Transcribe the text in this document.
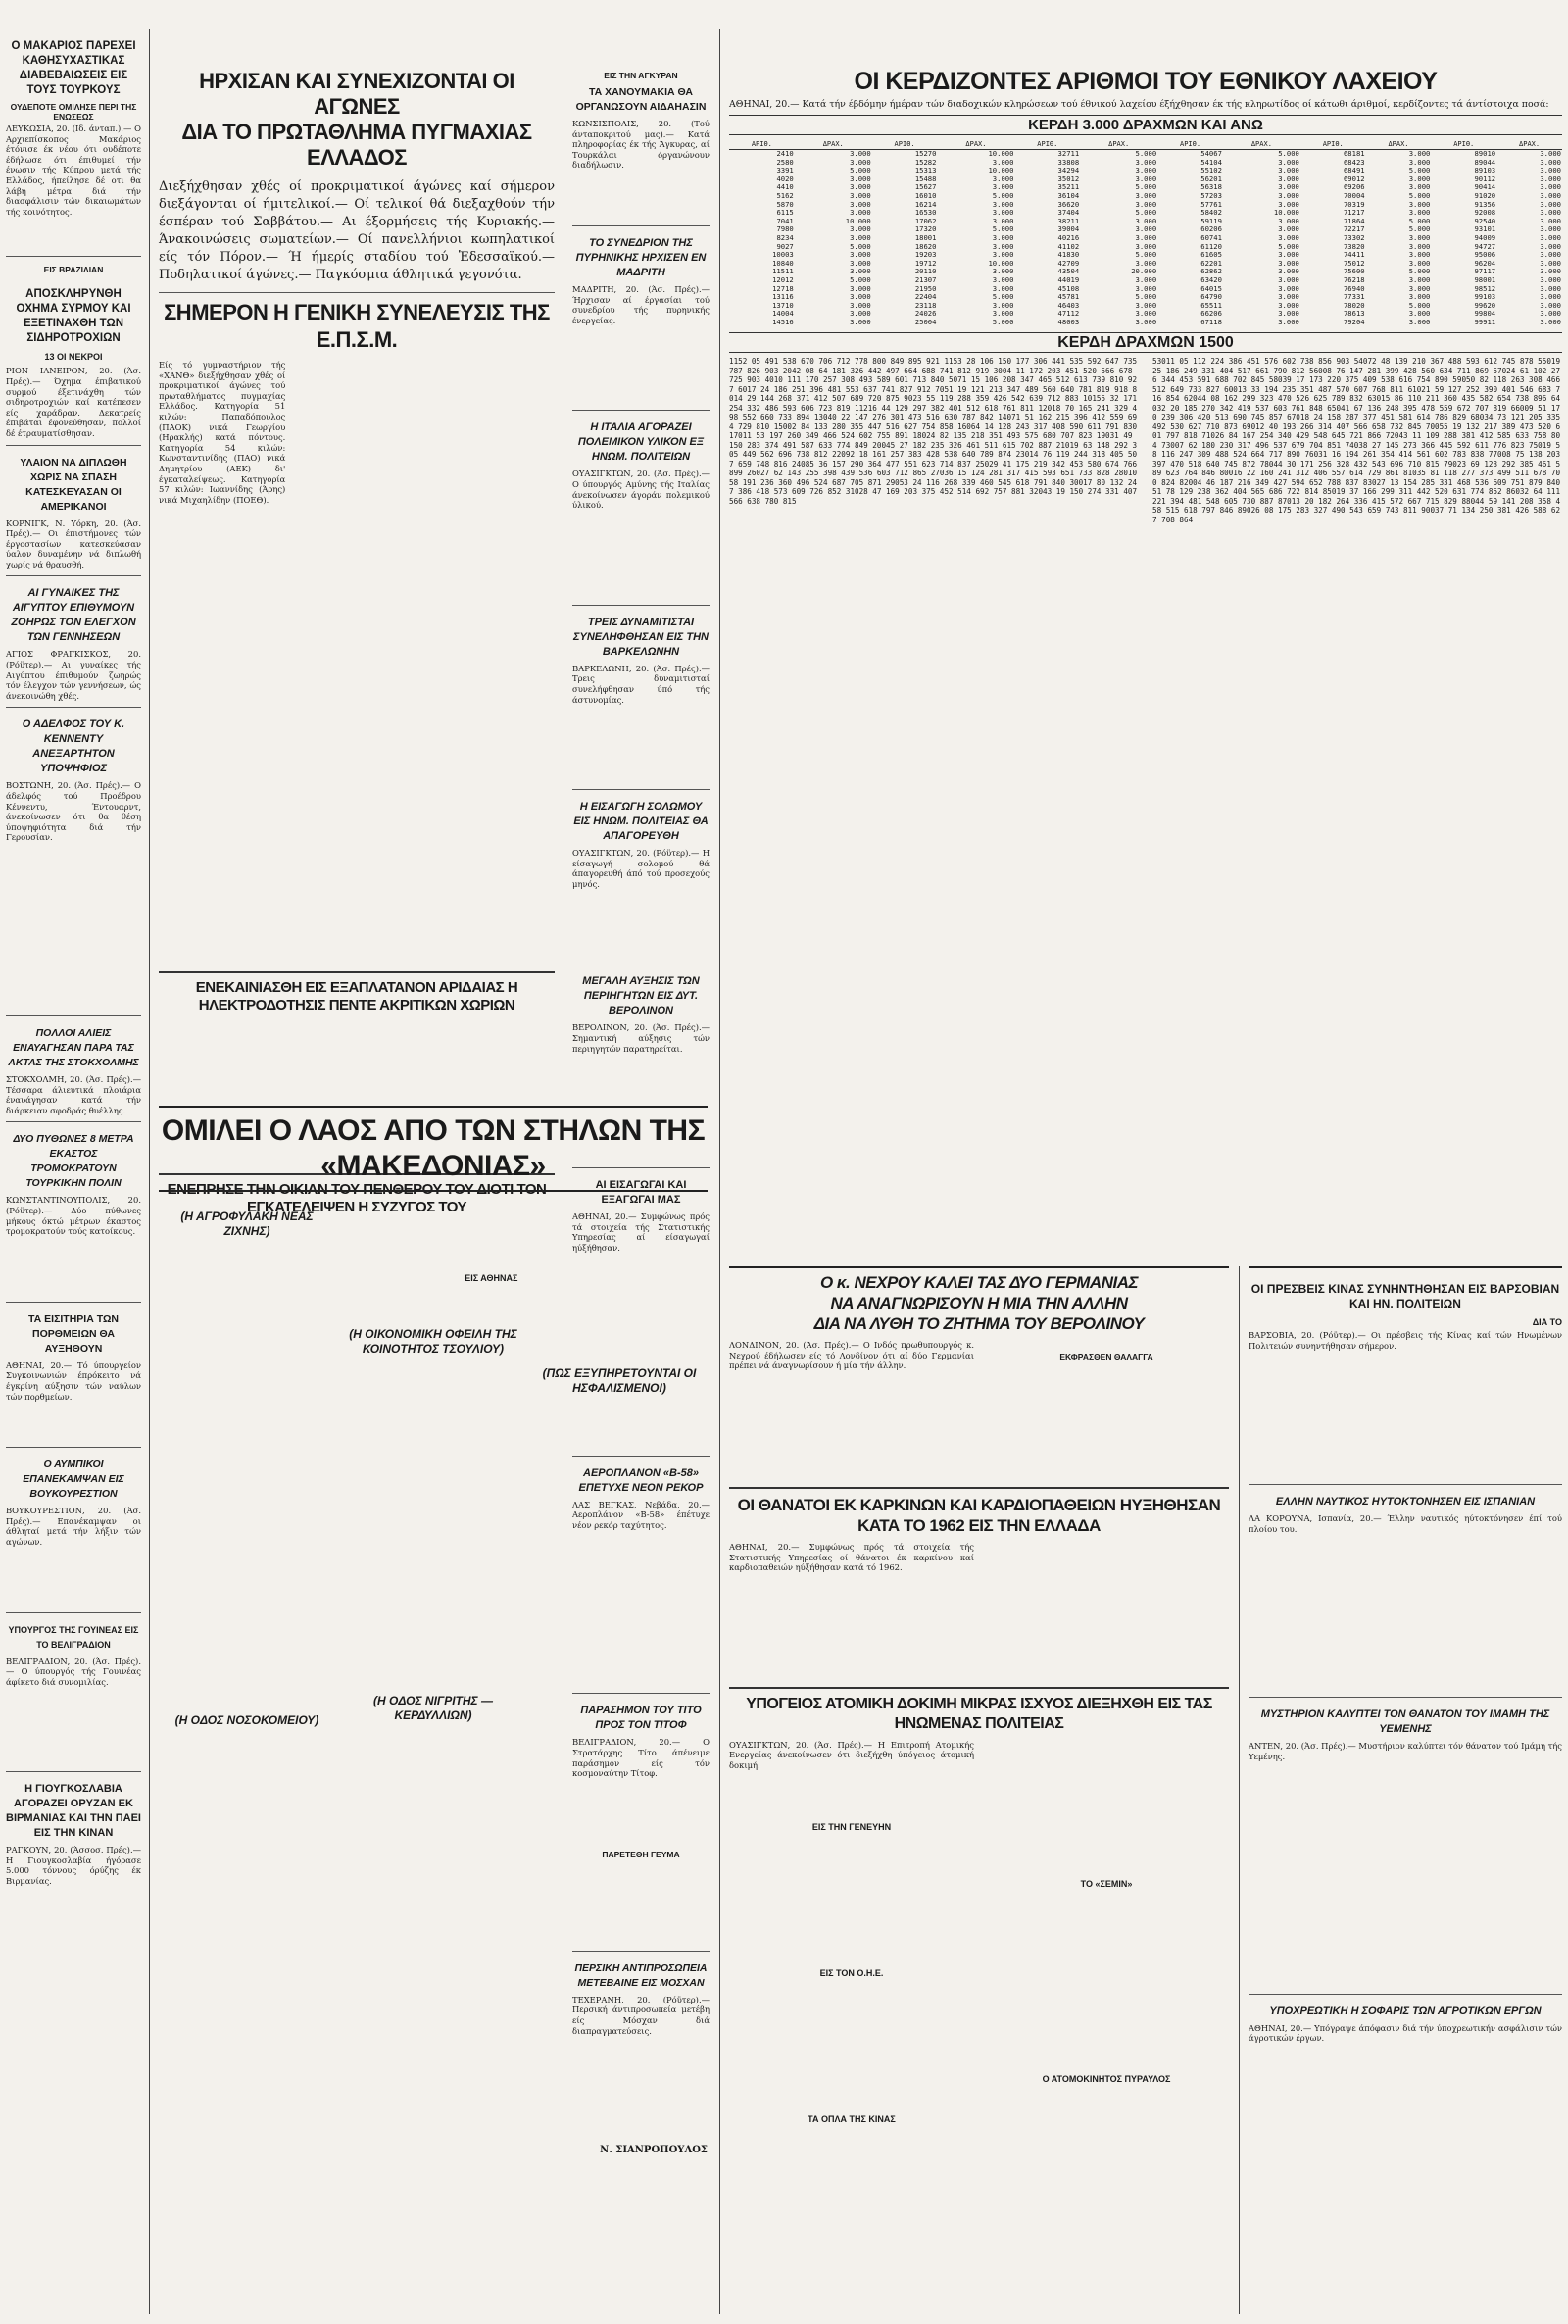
Ο ΜΑΚΑΡΙΟΣ ΠΑΡΕΧΕΙ ΚΑΘΗΣΥΧΑΣΤΙΚΑΣ ΔΙΑΒΕΒΑΙΩΣΕΙΣ ΕΙΣ ΤΟΥΣ ΤΟΥΡΚΟΥΣ
ΟΥΔΕΠΟΤΕ ΟΜΙΛΗΣΕ ΠΕΡΙ ΤΗΣ ΕΝΩΣΕΩΣ

ΛΕΥΚΩΣΙΑ, 20. (Ιδ. άνταπ.).— Ο Αρχιεπίσκοπος Μακάριος έτόνισε έκ νέου ότι ουδέποτε έδήλωσε ότι έπιθυμεί τήν ένωσιν τής Κύπρου μετά τής Ελλάδος, ήπείλησε δέ οτι θα λάβη μέτρα διά τήν διασφάλισιν τών δικαιωμάτων τής κοινότητος.

ΕΙΣ ΒΡΑΖΙΛΙΑΝ
ΑΠΟΣΚΛΗΡΥΝΘΗ ΟΧΗΜΑ ΣΥΡΜΟΥ ΚΑΙ ΕΞΕΤΙΝΑΧΘΗ ΤΩΝ ΣΙΔΗΡΟΤΡΟΧΙΩΝ
13 ΟΙ ΝΕΚΡΟΙ

ΡΙΟΝ ΙΑΝΕΙΡΟΝ, 20. (Άσ. Πρές).— Όχημα έπιβατικού συρμού έξετινάχθη τών σιδηροτροχιών καί κατέπεσεν είς χαράδραν. Δεκατρείς έπιβάται έφονεύθησαν, πολλοί δέ έτραυματίσθησαν.

ΥΛΑΙΟΝ ΝΑ ΔΙΠΛΩΘΗ ΧΩΡΙΣ ΝΑ ΣΠΑΣΗ ΚΑΤΕΣΚΕΥΑΣΑΝ ΟΙ ΑΜΕΡΙΚΑΝΟΙ

ΚΟΡΝΙΓΚ, Ν. Υόρκη, 20. (Άσ. Πρές).— Οι έπιστήμονες τών έργοστασίων κατεσκεύασαν ύαλον δυναμένην νά διπλωθή χωρίς νά θραυσθή.

ΑΙ ΓΥΝΑΙΚΕΣ ΤΗΣ ΑΙΓΥΠΤΟΥ ΕΠΙΘΥΜΟΥΝ ΖΟΗΡΩΣ ΤΟΝ ΕΛΕΓΧΟΝ ΤΩΝ ΓΕΝΝΗΣΕΩΝ

ΑΓΙΟΣ ΦΡΑΓΚΙΣΚΟΣ, 20. (Ρόϋτερ).— Αι γυναίκες τής Αιγύπτου έπιθυμούν ζωηρώς τόν έλεγχον τών γεννήσεων, ώς άνεκοινώθη χθές.

Ο ΑΔΕΛΦΟΣ ΤΟΥ Κ. ΚΕΝΝΕΝΤΥ ΑΝΕΞΑΡΤΗΤΟΝ ΥΠΟΨΗΦΙΟΣ

ΒΟΣΤΩΝΗ, 20. (Άσ. Πρές).— Ο άδελφός τού Προέδρου Κέννεντυ, Έντουαρντ, άνεκοίνωσεν ότι θα θέση ύποψηφιότητα διά τήν Γερουσίαν.

ΠΟΛΛΟΙ ΑΛΙΕΙΣ ΕΝΑΥΑΓΗΣΑΝ ΠΑΡΑ ΤΑΣ ΑΚΤΑΣ ΤΗΣ ΣΤΟΚΧΟΛΜΗΣ

ΣΤΟΚΧΟΛΜΗ, 20. (Άσ. Πρές).— Τέσσαρα άλιευτικά πλοιάρια έναυάγησαν κατά τήν διάρκειαν σφοδράς θυέλλης.

ΔΥΟ ΠΥΘΩΝΕΣ 8 ΜΕΤΡΑ ΕΚΑΣΤΟΣ ΤΡΟΜΟΚΡΑΤΟΥΝ ΤΟΥΡΚΙΚΗΝ ΠΟΛΙΝ

ΚΩΝΣΤΑΝΤΙΝΟΥΠΟΛΙΣ, 20. (Ρόϋτερ).— Δύο πύθωνες μήκους όκτώ μέτρων έκαστος τρομοκρατούν τούς κατοίκους.

ΤΑ ΕΙΣΙΤΗΡΙΑ ΤΩΝ ΠΟΡΘΜΕΙΩΝ ΘΑ ΑΥΞΗΘΟΥΝ

ΑΘΗΝΑΙ, 20.— Τό ύπουργείον Συγκοινωνιών έπρόκειτο νά έγκρίνη αύξησιν τών ναύλων τών πορθμείων.

Ο ΑΥΜΠΙΚΟΙ ΕΠΑΝΕΚΑΜΨΑΝ ΕΙΣ ΒΟΥΚΟΥΡΕΣΤΙΟΝ

ΒΟΥΚΟΥΡΕΣΤΙΟΝ, 20. (Άσ. Πρές).— Επανέκαμψαν οι άθληταί μετά τήν λήξιν τών αγώνων.

ΥΠΟΥΡΓΟΣ ΤΗΣ ΓΟΥΙΝΕΑΣ ΕΙΣ ΤΟ ΒΕΛΙΓΡΑΔΙΟΝ

ΒΕΛΙΓΡΑΔΙΟΝ, 20. (Άσ. Πρές).— Ο ύπουργός τής Γουινέας άφίκετο διά συνομιλίας.

Η ΓΙΟΥΓΚΟΣΛΑΒΙΑ ΑΓΟΡΑΖΕΙ ΟΡΥΖΑΝ ΕΚ ΒΙΡΜΑΝΙΑΣ ΚΑΙ ΤΗΝ ΠΑΕΙ ΕΙΣ ΤΗΝ ΚΙΝΑΝ

ΡΑΓΚΟΥΝ, 20. (Άσσοσ. Πρές).— Η Γιουγκοσλαβία ήγόρασε 5.000 τόννους όρύζης έκ Βιρμανίας.

ΗΡΧΙΣΑΝ ΚΑΙ ΣΥΝΕΧΙΖΟΝΤΑΙ ΟΙ ΑΓΩΝΕΣ
ΔΙΑ ΤΟ ΠΡΩΤΑΘΛΗΜΑ ΠΥΓΜΑΧΙΑΣ ΕΛΛΑΔΟΣ

Διεξήχθησαν χθές οί προκριματικοί άγώνες καί σήμερον διεξάγονται οί ήμιτελικοί.— Οί τελικοί θά διεξαχθούν τήν έσπέραν τού Σαββάτου.— Αι έξορμήσεις τής Κυριακής.— Άνακοινώσεις σωματείων.— Οί πανελλήνιοι κωπηλατικοί είς τόν Πόρον.— Ή ήμερίς σταδίου τού Ἑδεσσαϊκού.— Ποδηλατικοί άγώνες.— Παγκόσμια άθλητικά γεγονότα.

ΣΗΜΕΡΟΝ Η ΓΕΝΙΚΗ ΣΥΝΕΛΕΥΣΙΣ ΤΗΣ Ε.Π.Σ.Μ.

Είς τό γυμναστήριον τής «ΧΑΝΘ» διεξήχθησαν χθές οί προκριματικοί άγώνες τού πρωταθλήματος πυγμαχίας Ελλάδος. Κατηγορία 51 κιλών: Παπαδόπουλος (ΠΑΟΚ) νικά Γεωργίου (Ηρακλής) κατά πόντους. Κατηγορία 54 κιλών: Κωνσταντινίδης (ΠΑΟ) νικά Δημητρίου (ΑΕΚ) δι' έγκαταλείψεως. Κατηγορία 57 κιλών: Ιωαννίδης (Άρης) νικά Μιχαηλίδην (ΠΟΕΘ).

ΕΝΕΚΑΙΝΙΑΣΘΗ ΕΙΣ ΕΞΑΠΛΑΤΑΝΟΝ ΑΡΙΔΑΙΑΣ Η ΗΛΕΚΤΡΟΔΟΤΗΣΙΣ ΠΕΝΤΕ ΑΚΡΙΤΙΚΩΝ ΧΩΡΙΩΝ
ΕΝΕΠΡΗΣΕ ΤΗΝ ΟΙΚΙΑΝ ΤΟΥ ΠΕΝΘΕΡΟΥ ΤΟΥ ΔΙΟΤΙ ΤΟΝ ΕΓΚΑΤΕΛΕΙΨΕΝ Η ΣΥΖΥΓΟΣ ΤΟΥ
ΕΙΣ ΑΘΗΝΑΣ
ΟΜΙΛΕΙ Ο ΛΑΟΣ ΑΠΟ ΤΩΝ ΣΤΗΛΩΝ ΤΗΣ «ΜΑΚΕΔΟΝΙΑΣ»
(Η ΑΓΡΟΦΥΛΑΚΗ ΝΕΑΣ ΖΙΧΝΗΣ)
(Η ΟΔΟΣ ΝΟΣΟΚΟΜΕΙΟΥ)
(Η ΟΙΚΟΝΟΜΙΚΗ ΟΦΕΙΛΗ ΤΗΣ ΚΟΙΝΟΤΗΤΟΣ ΤΣΟΥΛΙΟΥ)
(Η ΟΔΟΣ ΝΙΓΡΙΤΗΣ — ΚΕΡΔΥΛΛΙΩΝ)
(ΠΩΣ ΕΞΥΠΗΡΕΤΟΥΝΤΑΙ ΟΙ ΗΣΦΑΛΙΣΜΕΝΟΙ)
Ν. ΣΙΑΝΡΟΠΟΥΛΟΣ
ΕΙΣ ΤΗΝ ΑΓΚΥΡΑΝ
ΤΑ ΧΑΝΟΥΜΑΚΙΑ ΘΑ ΟΡΓΑΝΩΣΟΥΝ ΑΙΔΑΗΑΣΙΝ

ΚΩΝΣΙΣΠΟΛΙΣ, 20. (Τού άνταποκριτού μας).— Κατά πληροφορίας έκ τής Άγκυρας, αί Τουρκάλαι όργανώνουν διαδήλωσιν.

ΤΟ ΣΥΝΕΔΡΙΟΝ ΤΗΣ ΠΥΡΗΝΙΚΗΣ ΗΡΧΙΣΕΝ ΕΝ ΜΑΔΡΙΤΗ

ΜΑΔΡΙΤΗ, 20. (Άσ. Πρές).— Ήρχισαν αί έργασίαι τού συνεδρίου τής πυρηνικής ένεργείας.

Η ΙΤΑΛΙΑ ΑΓΟΡΑΖΕΙ ΠΟΛΕΜΙΚΟΝ ΥΛΙΚΟΝ ΕΞ ΗΝΩΜ. ΠΟΛΙΤΕΙΩΝ

ΟΥΑΣΙΓΚΤΩΝ, 20. (Άσ. Πρές).— Ο ύπουργός Αμύνης τής Ιταλίας άνεκοίνωσεν άγοράν πολεμικού ύλικού.

ΤΡΕΙΣ ΔΥΝΑΜΙΤΙΣΤΑΙ ΣΥΝΕΛΗΦΘΗΣΑΝ ΕΙΣ ΤΗΝ ΒΑΡΚΕΛΩΝΗΝ

ΒΑΡΚΕΛΩΝΗ, 20. (Άσ. Πρές).— Τρεις δυναμιτισταί συνελήφθησαν ύπό τής άστυνομίας.

Η ΕΙΣΑΓΩΓΗ ΣΟΛΩΜΟΥ ΕΙΣ ΗΝΩΜ. ΠΟΛΙΤΕΙΑΣ ΘΑ ΑΠΑΓΟΡΕΥΘΗ

ΟΥΑΣΙΓΚΤΩΝ, 20. (Ρόϋτερ).— Η είσαγωγή σολομού θά άπαγορευθή άπό τού προσεχούς μηνός.

ΜΕΓΑΛΗ ΑΥΞΗΣΙΣ ΤΩΝ ΠΕΡΙΗΓΗΤΩΝ ΕΙΣ ΔΥΤ. ΒΕΡΟΛΙΝΟΝ

ΒΕΡΟΛΙΝΟΝ, 20. (Άσ. Πρές).— Σημαντική αύξησις τών περιηγητών παρατηρείται.

ΑΙ ΕΙΣΑΓΩΓΑΙ ΚΑΙ ΕΞΑΓΩΓΑΙ ΜΑΣ

ΑΘΗΝΑΙ, 20.— Συμφώνως πρός τά στοιχεία τής Στατιστικής Υπηρεσίας αί είσαγωγαί ηύξήθησαν.

ΑΕΡΟΠΛΑΝΟΝ «Β-58» ΕΠΕΤΥΧΕ ΝΕΟΝ ΡΕΚΟΡ

ΛΑΣ ΒΕΓΚΑΣ, Νεβάδα, 20.— Αεροπλάνον «Β-58» έπέτυχε νέον ρεκόρ ταχύτητος.

ΠΑΡΑΣΗΜΟΝ ΤΟΥ ΤΙΤΟ ΠΡΟΣ ΤΟΝ ΤΙΤΟΦ

ΒΕΛΙΓΡΑΔΙΟΝ, 20.— Ο Στρατάρχης Τίτο άπένειμε παράσημον είς τόν κοσμοναύτην Τίτοφ.

ΠΑΡΕΤΕΘΗ ΓΕΥΜΑ
ΠΕΡΣΙΚΗ ΑΝΤΙΠΡΟΣΩΠΕΙΑ ΜΕΤΕΒΑΙΝΕ ΕΙΣ ΜΟΣΧΑΝ

ΤΕΧΕΡΑΝΗ, 20. (Ρόϋτερ).— Περσική άντιπροσωπεία μετέβη είς Μόσχαν διά διαπραγματεύσεις.

ΟΙ ΚΕΡΔΙΖΟΝΤΕΣ ΑΡΙΘΜΟΙ ΤΟΥ ΕΘΝΙΚΟΥ ΛΑΧΕΙΟΥ

ΑΘΗΝΑΙ, 20.— Κατά τήν έβδόμην ήμέραν τών διαδοχικών κληρώσεων τού έθνικού λαχείου έξήχθησαν έκ τής κληρωτίδος οί κάτωθι άριθμοί, κερδίζοντες τά άντίστοιχα ποσά:

ΚΕΡΔΗ 3.000 ΔΡΑΧΜΩΝ ΚΑΙ ΑΝΩ
ΑΡΙΘ.	ΔΡΑΧ.	ΑΡΙΘ.	ΔΡΑΧ.	ΑΡΙΘ.	ΔΡΑΧ.	ΑΡΙΘ.	ΔΡΑΧ.	ΑΡΙΘ.	ΔΡΑΧ.	ΑΡΙΘ.	ΔΡΑΧ.
2410	3.000	15270	10.000	32711	5.000	54067	5.000	68181	3.000	89010	3.000
2580	3.000	15282	3.000	33808	3.000	54104	3.000	68423	3.000	89044	3.000
3391	5.000	15313	10.000	34294	3.000	55102	3.000	68491	5.000	89103	3.000
4020	3.000	15488	3.000	35012	3.000	56201	3.000	69012	3.000	90112	3.000
4410	3.000	15627	3.000	35211	5.000	56318	3.000	69206	3.000	90414	3.000
5162	3.000	16010	5.000	36104	3.000	57203	3.000	70004	5.000	91020	3.000
5870	3.000	16214	3.000	36620	3.000	57761	3.000	70319	3.000	91356	3.000
6115	3.000	16530	3.000	37404	5.000	58402	10.000	71217	3.000	92008	3.000
7041	10.000	17062	3.000	38211	3.000	59119	3.000	71864	5.000	92540	3.000
7980	3.000	17320	5.000	39004	3.000	60206	3.000	72217	5.000	93101	3.000
8234	3.000	18001	3.000	40216	3.000	60741	3.000	73302	3.000	94009	3.000
9027	5.000	18620	3.000	41102	3.000	61120	5.000	73820	3.000	94727	3.000
10003	3.000	19203	3.000	41830	5.000	61605	3.000	74411	3.000	95006	3.000
10840	3.000	19712	10.000	42709	3.000	62201	3.000	75012	3.000	96204	3.000
11511	3.000	20110	3.000	43504	20.000	62862	3.000	75600	5.000	97117	3.000
12012	5.000	21307	3.000	44019	3.000	63420	3.000	76218	3.000	98001	3.000
12718	3.000	21950	3.000	45108	3.000	64015	3.000	76940	3.000	98512	3.000
13116	3.000	22404	5.000	45781	5.000	64790	3.000	77331	3.000	99103	3.000
13710	3.000	23118	3.000	46403	3.000	65511	3.000	78020	5.000	99620	3.000
14004	3.000	24026	3.000	47112	3.000	66206	3.000	78613	3.000	99804	3.000
14516	3.000	25004	5.000	48003	3.000	67118	3.000	79204	3.000	99911	3.000
ΚΕΡΔΗ ΔΡΑΧΜΩΝ 1500
1152 05 491 538 670 706 712 778 800 849 895 921 1153 28 106 150 177 306 441 535 592 647 735 787 826 903 2042 08 64 181 326 442 497 664 688 741 812 919 3004 11 172 203 451 520 566 678 725 903 4010 111 170 257 308 493 589 601 713 840 5071 15 106 208 347 465 512 613 739 810 927 6017 24 186 251 396 481 553 637 741 827 912 7051 19 121 213 347 489 560 640 781 819 918 8014 29 144 268 371 412 507 689 720 875 9023 55 119 288 359 426 542 639 712 883 10155 32 171 254 332 486 593 606 723 819 11216 44 129 297 382 401 512 618 761 811 12018 70 165 241 329 498 552 660 733 894 13040 22 147 276 301 473 516 630 787 842 14071 51 162 215 396 412 559 694 729 810 15002 84 133 280 355 447 516 627 754 858 16064 14 128 243 317 408 590 611 791 830 17011 53 197 260 349 466 524 602 755 891 18024 82 135 218 351 493 575 680 707 823 19031 49 150 283 374 491 587 633 774 849 20045 27 182 235 326 461 511 615 702 887 21019 63 148 292 305 449 562 696 738 812 22092 18 161 257 383 428 538 640 789 874 23014 76 119 244 318 405 507 659 748 816 24085 36 157 290 364 477 551 623 714 837 25029 41 175 219 342 453 580 674 766 899 26027 62 143 255 398 439 536 603 712 865 27036 15 124 281 317 415 593 651 733 828 28010 58 191 236 360 496 524 687 705 871 29053 24 116 268 339 460 545 618 791 840 30017 80 132 247 386 418 573 609 726 852 31028 47 169 203 375 452 514 692 757 881 32043 19 150 274 331 407 566 638 780 815
53011 05 112 224 386 451 576 602 738 856 903 54072 48 139 210 367 488 593 612 745 878 55019 25 186 249 331 404 517 661 790 812 56008 76 147 281 399 428 560 634 711 869 57024 61 102 276 344 453 591 688 702 845 58039 17 173 220 375 409 538 616 754 890 59050 82 118 263 308 466 512 649 733 827 60013 33 194 235 351 487 570 607 768 811 61021 59 127 252 390 401 546 683 716 854 62044 08 162 299 323 470 526 625 789 832 63015 86 110 211 360 435 582 654 738 896 64032 20 185 270 342 419 537 603 761 848 65041 67 136 248 395 478 559 672 707 819 66009 51 170 239 306 420 513 690 745 857 67018 24 158 287 377 451 581 614 786 829 68034 73 121 205 335 492 530 627 710 873 69012 40 193 266 314 407 566 658 732 845 70055 19 132 217 389 473 520 601 797 818 71026 84 167 254 340 429 548 645 721 866 72043 11 109 288 381 412 585 633 758 804 73007 62 180 230 317 496 537 679 704 851 74038 27 145 273 366 445 592 611 776 823 75019 58 116 247 309 488 524 664 717 890 76031 16 194 261 354 414 561 602 783 838 77008 75 138 203 397 470 518 640 745 872 78044 30 171 256 328 432 543 696 710 815 79023 69 123 292 385 461 589 623 764 846 80016 22 160 241 312 406 557 614 729 861 81035 81 118 277 373 499 511 678 700 824 82004 46 187 216 349 427 594 652 788 837 83027 13 154 285 331 468 536 609 751 879 84051 78 129 238 362 404 565 686 722 814 85019 37 166 299 311 442 520 631 774 852 86032 64 111 221 394 481 548 605 730 887 87013 20 182 264 336 415 572 667 715 829 88044 59 141 208 358 458 515 618 797 846 89026 08 175 283 327 490 543 659 743 811 90037 71 134 250 381 426 588 627 708 864
Ο κ. ΝΕΧΡΟΥ ΚΑΛΕΙ ΤΑΣ ΔΥΟ ΓΕΡΜΑΝΙΑΣ
ΝΑ ΑΝΑΓΝΩΡΙΣΟΥΝ Η ΜΙΑ ΤΗΝ ΑΛΛΗΝ
ΔΙΑ ΝΑ ΛΥΘΗ ΤΟ ΖΗΤΗΜΑ ΤΟΥ ΒΕΡΟΛΙΝΟΥ

ΛΟΝΔΙΝΟΝ, 20. (Άσ. Πρές).— Ο Ινδός πρωθυπουργός κ. Νεχρού έδήλωσεν είς τό Λονδίνον ότι αί δύο Γερμανίαι πρέπει νά άναγνωρίσουν ή μία τήν άλλην.

ΕΚΦΡΑΣΘΕΝ ΘΑΛΑΓΓΑ
ΟΙ ΘΑΝΑΤΟΙ ΕΚ ΚΑΡΚΙΝΩΝ ΚΑΙ ΚΑΡΔΙΟΠΑΘΕΙΩΝ ΗΥΞΗΘΗΣΑΝ ΚΑΤΑ ΤΟ 1962 ΕΙΣ ΤΗΝ ΕΛΛΑΔΑ

ΑΘΗΝΑΙ, 20.— Συμφώνως πρός τά στοιχεία τής Στατιστικής Υπηρεσίας οί θάνατοι έκ καρκίνου καί καρδιοπαθειών ηύξήθησαν κατά τό 1962.

ΥΠΟΓΕΙΟΣ ΑΤΟΜΙΚΗ ΔΟΚΙΜΗ ΜΙΚΡΑΣ ΙΣΧΥΟΣ ΔΙΕΞΗΧΘΗ ΕΙΣ ΤΑΣ ΗΝΩΜΕΝΑΣ ΠΟΛΙΤΕΙΑΣ

ΟΥΑΣΙΓΚΤΩΝ, 20. (Άσ. Πρές).— Η Επιτροπή Ατομικής Ενεργείας άνεκοίνωσεν ότι διεξήχθη ύπόγειος άτομική δοκιμή.

ΕΙΣ ΤΗΝ ΓΕΝΕΥΗΝ
ΕΙΣ ΤΟΝ Ο.Η.Ε.
ΤΑ ΟΠΛΑ ΤΗΣ ΚΙΝΑΣ
ΤΟ «ΣΕΜΙΝ»
Ο ΑΤΟΜΟΚΙΝΗΤΟΣ ΠΥΡΑΥΛΟΣ
ΟΙ ΠΡΕΣΒΕΙΣ ΚΙΝΑΣ ΣΥΝΗΝΤΗΘΗΣΑΝ ΕΙΣ ΒΑΡΣΟΒΙΑΝ ΚΑΙ ΗΝ. ΠΟΛΙΤΕΙΩΝ
ΔΙΑ ΤΟ

ΒΑΡΣΟΒΙΑ, 20. (Ρόϋτερ).— Οι πρέσβεις τής Κίνας καί τών Ηνωμένων Πολιτειών συνηντήθησαν σήμερον.

ΕΛΛΗΝ ΝΑΥΤΙΚΟΣ ΗΥΤΟΚΤΟΝΗΣΕΝ ΕΙΣ ΙΣΠΑΝΙΑΝ

ΛΑ ΚΟΡΟΥΝΑ, Ισπανία, 20.— Έλλην ναυτικός ηύτοκτόνησεν έπί τού πλοίου του.

ΜΥΣΤΗΡΙΟΝ ΚΑΛΥΠΤΕΙ ΤΟΝ ΘΑΝΑΤΟΝ ΤΟΥ ΙΜΑΜΗ ΤΗΣ ΥΕΜΕΝΗΣ

ΑΝΤΕΝ, 20. (Άσ. Πρές).— Μυστήριον καλύπτει τόν θάνατον τού Ιμάμη τής Υεμένης.

ΥΠΟΧΡΕΩΤΙΚΗ Η ΣΟΦΑΡΙΣ ΤΩΝ ΑΓΡΟΤΙΚΩΝ ΕΡΓΩΝ

ΑΘΗΝΑΙ, 20.— Υπόγραψε άπόφασιν διά τήν ύποχρεωτικήν ασφάλισιν τών άγροτικών έργων.
